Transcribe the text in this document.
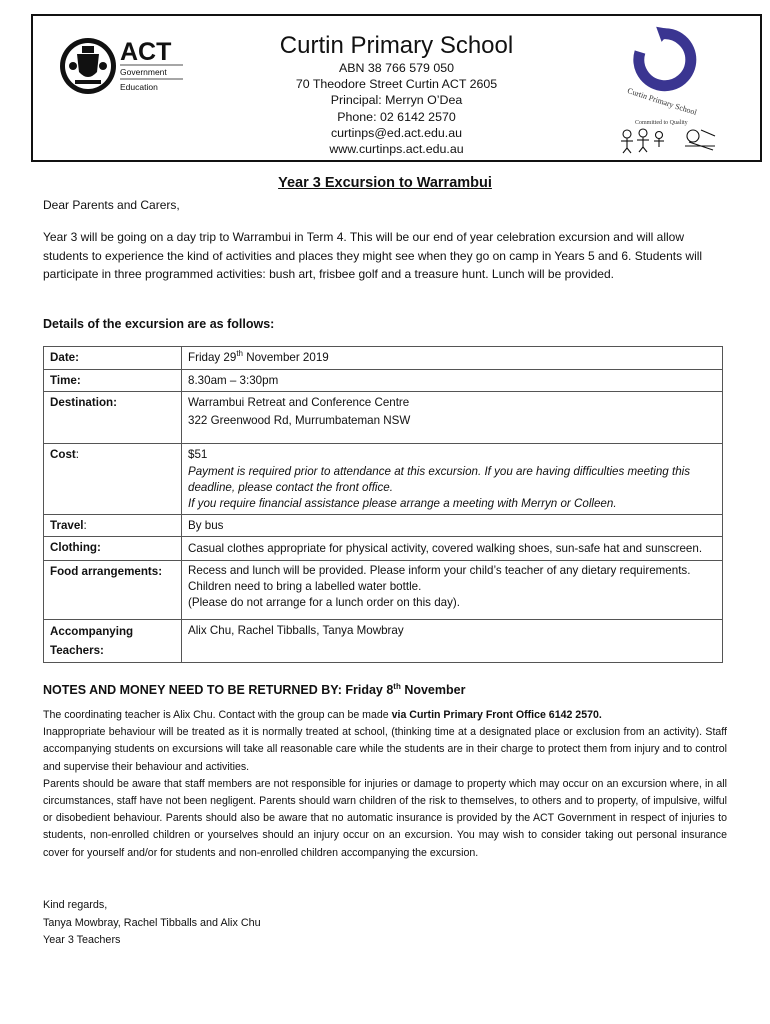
ACT
Government
Education
Curtin Primary School
ABN 38 766 579 050
70 Theodore Street Curtin ACT 2605
Principal: Merryn O’Dea
Phone: 02 6142 2570
curtinps@ed.act.edu.au
www.curtinps.act.edu.au
Curtin Primary School
Committed to Quality
Year 3 Excursion to Warrambui
Dear Parents and Carers,
Year 3 will be going on a day trip to Warrambui in Term 4. This will be our end of year celebration excursion and will allow students to experience the kind of activities and places they might see when they go on camp in Years 5 and 6. Students will participate in three programmed activities: bush art, frisbee golf and a treasure hunt. Lunch will be provided.
Details of the excursion are as follows:
Date:	Friday 29th November 2019
Time:	8.30am – 3:30pm
Destination:	Warrambui Retreat and Conference Centre
322 Greenwood Rd, Murrumbateman NSW

Cost:	$51
Payment is required prior to attendance at this excursion. If you are having difficulties meeting this deadline, please contact the front office.
If you require financial assistance please arrange a meeting with Merryn or Colleen.

Travel:	By bus
Clothing:	Casual clothes appropriate for physical activity, covered walking shoes, sun-safe hat and sunscreen.
Food arrangements:	Recess and lunch will be provided. Please inform your child’s teacher of any dietary requirements. Children need to bring a labelled water bottle.
(Please do not arrange for a lunch order on this day).

Accompanying Teachers:	Alix Chu, Rachel Tibballs, Tanya Mowbray
NOTES AND MONEY NEED TO BE RETURNED BY: Friday 8th November

The coordinating teacher is Alix Chu. Contact with the group can be made via Curtin Primary Front Office 6142 2570.

Inappropriate behaviour will be treated as it is normally treated at school, (thinking time at a designated place or exclusion from an activity). Staff accompanying students on excursions will take all reasonable care while the students are in their charge to protect them from injury and to control and supervise their behaviour and activities.

Parents should be aware that staff members are not responsible for injuries or damage to property which may occur on an excursion where, in all circumstances, staff have not been negligent. Parents should warn children of the risk to themselves, to others and to property, of impulsive, wilful or disobedient behaviour. Parents should also be aware that no automatic insurance is provided by the ACT Government in respect of injuries to students, non-enrolled children or yourselves should an injury occur on an excursion. You may wish to consider taking out personal insurance cover for yourself and/or for students and non-enrolled children accompanying the excursion.

Kind regards,
Tanya Mowbray, Rachel Tibballs and Alix Chu
Year 3 Teachers
